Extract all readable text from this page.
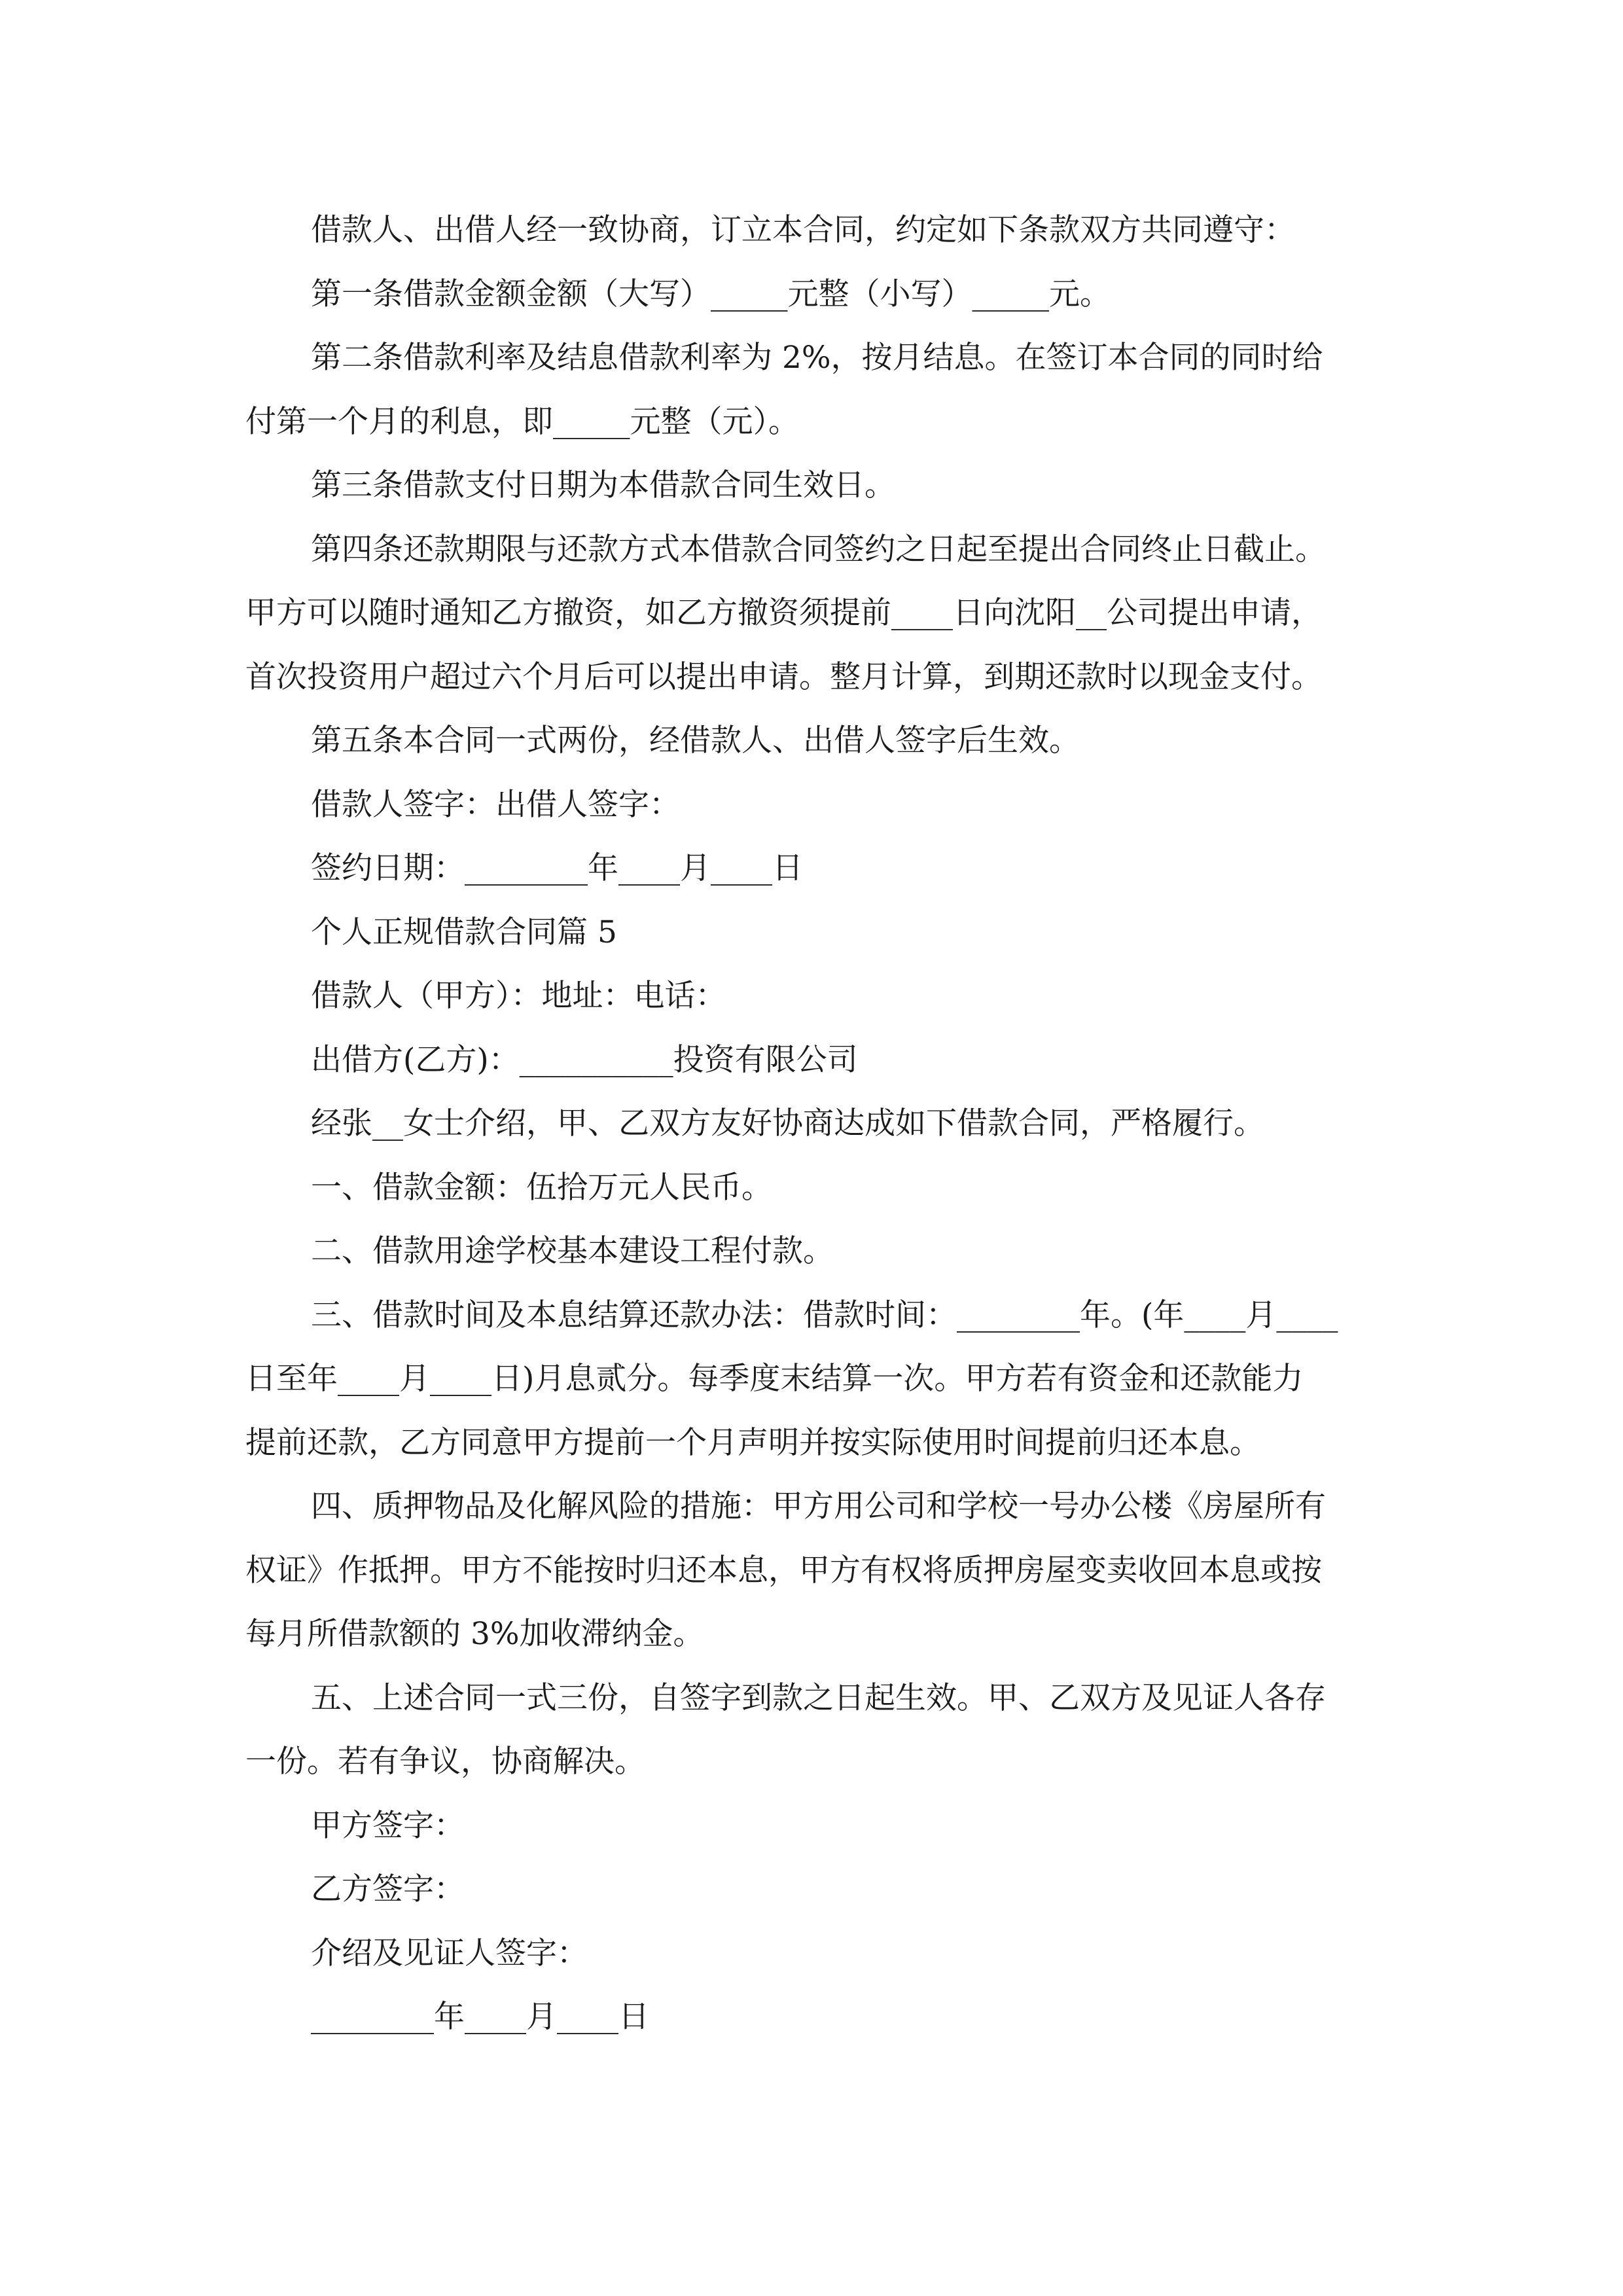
借款人、出借人经一致协商，订立本合同，约定如下条款双方共同遵守：
第一条借款金额金额（大写）_____元整（小写）_____元。
第二条借款利率及结息借款利率为 2%，按月结息。在签订本合同的同时给
付第一个月的利息，即_____元整（元）。
第三条借款支付日期为本借款合同生效日。
第四条还款期限与还款方式本借款合同签约之日起至提出合同终止日截止。
甲方可以随时通知乙方撤资，如乙方撤资须提前____日向沈阳__公司提出申请，
首次投资用户超过六个月后可以提出申请。整月计算，到期还款时以现金支付。
第五条本合同一式两份，经借款人、出借人签字后生效。
借款人签字：出借人签字：
签约日期：________年____月____日
个人正规借款合同篇 5
借款人（甲方）：地址：电话：
出借方(乙方)：__________投资有限公司
经张__女士介绍，甲、乙双方友好协商达成如下借款合同，严格履行。
一、借款金额：伍拾万元人民币。
二、借款用途学校基本建设工程付款。
三、借款时间及本息结算还款办法：借款时间：________年。(年____月____
日至年____月____日)月息贰分。每季度末结算一次。甲方若有资金和还款能力
提前还款，乙方同意甲方提前一个月声明并按实际使用时间提前归还本息。
四、质押物品及化解风险的措施：甲方用公司和学校一号办公楼《房屋所有
权证》作抵押。甲方不能按时归还本息，甲方有权将质押房屋变卖收回本息或按
每月所借款额的 3%加收滞纳金。
五、上述合同一式三份，自签字到款之日起生效。甲、乙双方及见证人各存
一份。若有争议，协商解决。
甲方签字：
乙方签字：
介绍及见证人签字：
________年____月____日
